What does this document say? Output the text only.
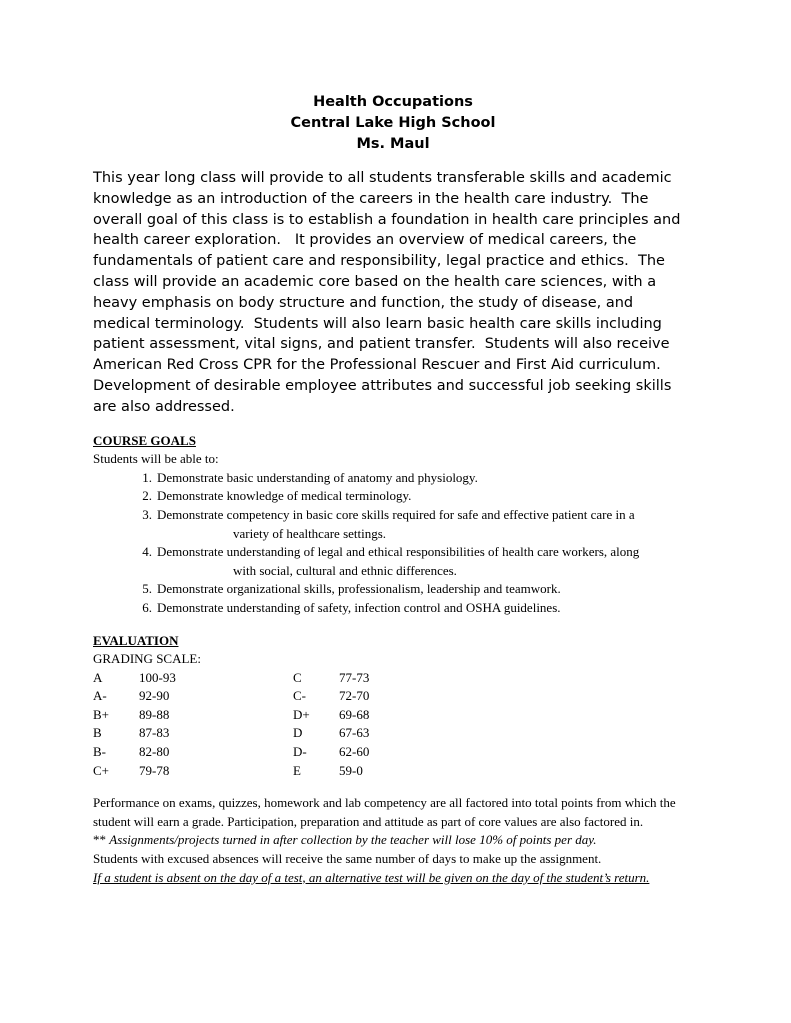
Health Occupations
Central Lake High School
Ms. Maul
This year long class will provide to all students transferable skills and academic knowledge as an introduction of the careers in the health care industry.  The overall goal of this class is to establish a foundation in health care principles and health career exploration.   It provides an overview of medical careers, the fundamentals of patient care and responsibility, legal practice and ethics.  The class will provide an academic core based on the health care sciences, with a heavy emphasis on body structure and function, the study of disease, and medical terminology.  Students will also learn basic health care skills including patient assessment, vital signs, and patient transfer.  Students will also receive American Red Cross CPR for the Professional Rescuer and First Aid curriculum.  Development of desirable employee attributes and successful job seeking skills are also addressed.
COURSE GOALS
Students will be able to:
1. Demonstrate basic understanding of anatomy and physiology.
2. Demonstrate knowledge of medical terminology.
3. Demonstrate competency in basic core skills required for safe and effective patient care in a
variety of healthcare settings.
4. Demonstrate understanding of legal and ethical responsibilities of health care workers, along
with social, cultural and ethnic differences.
5. Demonstrate organizational skills, professionalism, leadership and teamwork.
6. Demonstrate understanding of safety, infection control and OSHA guidelines.
EVALUATION
GRADING SCALE:
A	100-93
A-	92-90
B+	89-88
B	87-83
B-	82-80
C+	79-78
C	77-73
C-	72-70
D+	69-68
D	67-63
D-	62-60
E	59-0
Performance on exams, quizzes, homework and lab competency are all factored into total points from which the student will earn a grade. Participation, preparation and attitude as part of core values are also factored in.
** Assignments/projects turned in after collection by the teacher will lose 10% of points per day.
Students with excused absences will receive the same number of days to make up the assignment.
If a student is absent on the day of a test, an alternative test will be given on the day of the student’s return.
